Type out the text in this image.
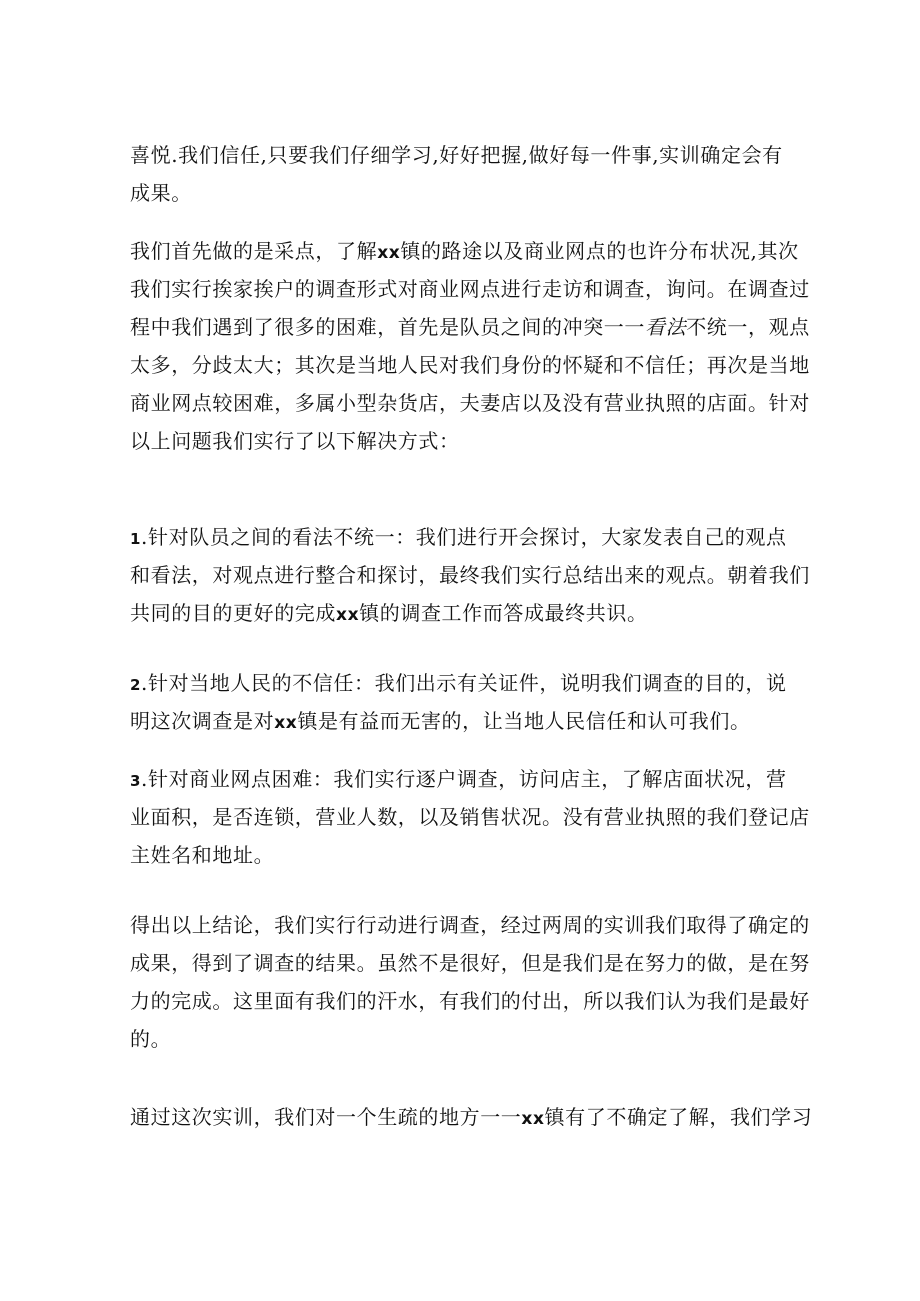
喜悦.我们信任,只要我们仔细学习,好好把握,做好每一件事,实训确定会有
成果。
我们首先做的是采点，了解xx镇的路途以及商业网点的也许分布状况,其次
我们实行挨家挨户的调查形式对商业网点进行走访和调查，询问。在调查过
程中我们遇到了很多的困难，首先是队员之间的冲突一一看法不统一，观点
太多，分歧太大；其次是当地人民对我们身份的怀疑和不信任；再次是当地
商业网点较困难，多属小型杂货店，夫妻店以及没有营业执照的店面。针对
以上问题我们实行了以下解决方式：
1.针对队员之间的看法不统一：我们进行开会探讨，大家发表自己的观点
和看法，对观点进行整合和探讨，最终我们实行总结出来的观点。朝着我们
共同的目的更好的完成xx镇的调查工作而答成最终共识。
2.针对当地人民的不信任：我们出示有关证件，说明我们调查的目的，说
明这次调查是对xx镇是有益而无害的，让当地人民信任和认可我们。
3.针对商业网点困难：我们实行逐户调查，访问店主，了解店面状况，营
业面积，是否连锁，营业人数，以及销售状况。没有营业执照的我们登记店
主姓名和地址。
得出以上结论，我们实行行动进行调查，经过两周的实训我们取得了确定的
成果，得到了调查的结果。虽然不是很好，但是我们是在努力的做，是在努
力的完成。这里面有我们的汗水，有我们的付出，所以我们认为我们是最好
的。
通过这次实训，我们对一个生疏的地方一一xx镇有了不确定了解，我们学习
